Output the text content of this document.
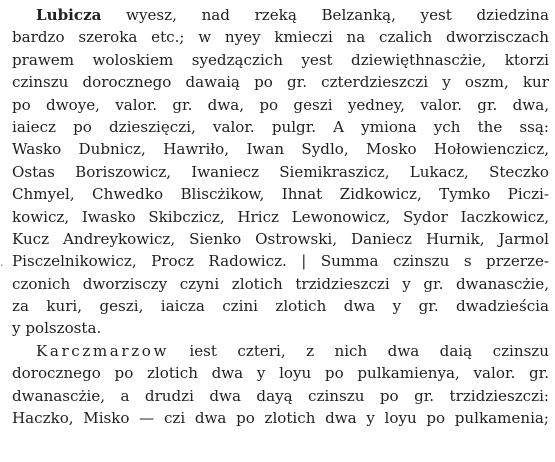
.
Lubicza wyesz, nad rzeką Belzanką, yest dziedzina
bardzo szeroka etc.; w nyey kmieczi na czalich dworzisczach
prawem woloskiem syedzączich yest dziewięthnascżie, ktorzi
czinszu dorocznego dawaią po gr. czterdzieszczi y oszm, kur
po dwoye, valor. gr. dwa, po geszi yedney, valor. gr. dwa,
iaiecz po dzieszięczi, valor. pulgr. A ymiona ych the ssą:
Wasko Dubnicz, Hawriło, Iwan Sydlo, Mosko Hołowienczicz,
Ostas Boriszowicz, Iwaniecz Siemikraszicz, Lukacz, Steczko
Chmyel, Chwedko Bliscżikow, Ihnat Zidkowicz, Tymko Piczi-
kowicz, Iwasko Skibczicz, Hricz Lewonowicz, Sydor Iaczkowicz,
Kucz Andreykowicz, Sienko Ostrowski, Daniecz Hurnik, Jarmol
Pisczelnikowicz, Procz Radowicz. | Summa czinszu s przerze-
czonich dworzisczy czyni zlotich trzidzieszczi y gr. dwanascżie,
za kuri, geszi, iaicza czini zlotich dwa y gr. dwadzieścia
y polszosta.
Karczmarzow iest czteri, z nich dwa daią czinszu
dorocznego po zlotich dwa y loyu po pulkamienya, valor. gr.
dwanascżie, a drudzi dwa dayą czinszu po gr. trzidzieszczi:
Haczko, Misko — czi dwa po zlotich dwa y loyu po pulkamenia;
